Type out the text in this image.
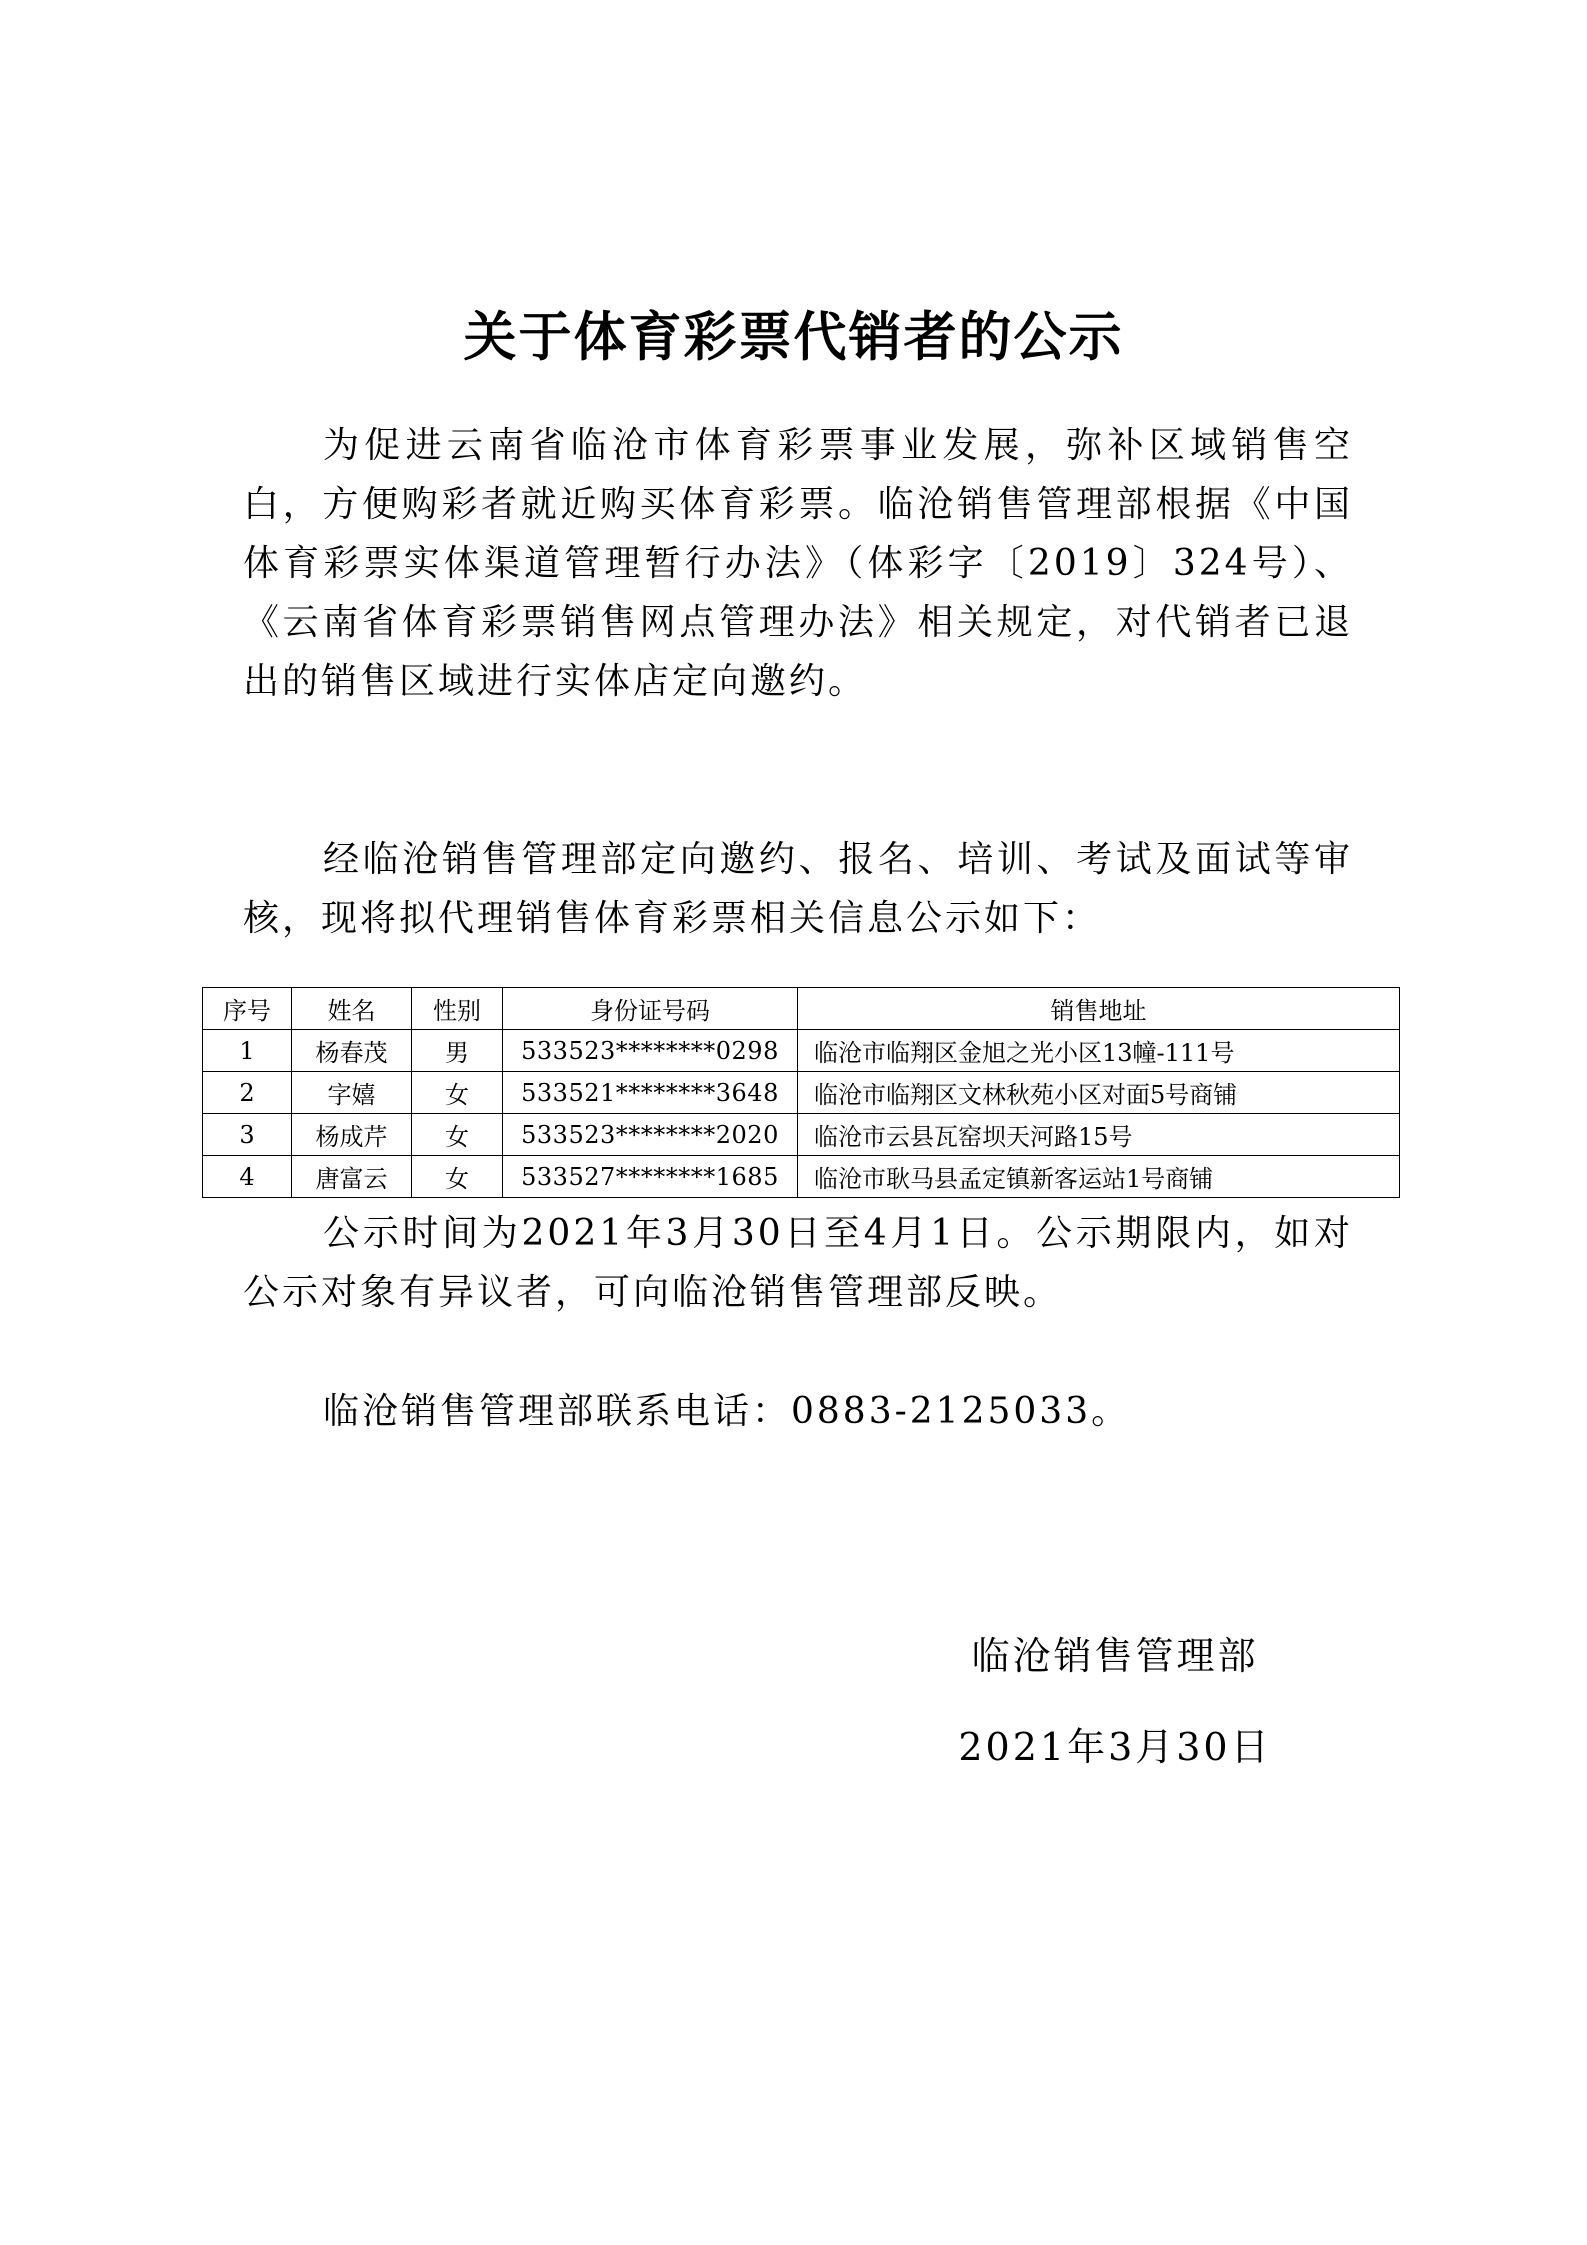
关于体育彩票代销者的公示

为促进云南省临沧市体育彩票事业发展，弥补区域销售空白，方便购彩者就近购买体育彩票。临沧销售管理部根据《中国体育彩票实体渠道管理暂行办法》（体彩字〔2019〕324号）、《云南省体育彩票销售网点管理办法》相关规定，对代销者已退出的销售区域进行实体店定向邀约。

经临沧销售管理部定向邀约、报名、培训、考试及面试等审核，现将拟代理销售体育彩票相关信息公示如下：

序号	姓名	性别	身份证号码	销售地址
1	杨春茂	男	533523********0298	临沧市临翔区金旭之光小区13幢-111号
2	字嬉	女	533521********3648	临沧市临翔区文林秋苑小区对面5号商铺
3	杨成芹	女	533523********2020	临沧市云县瓦窑坝天河路15号
4	唐富云	女	533527********1685	临沧市耿马县孟定镇新客运站1号商铺

公示时间为2021年3月30日至4月1日。公示期限内，如对公示对象有异议者，可向临沧销售管理部反映。

临沧销售管理部联系电话：0883-2125033。

临沧销售管理部

2021年3月30日
